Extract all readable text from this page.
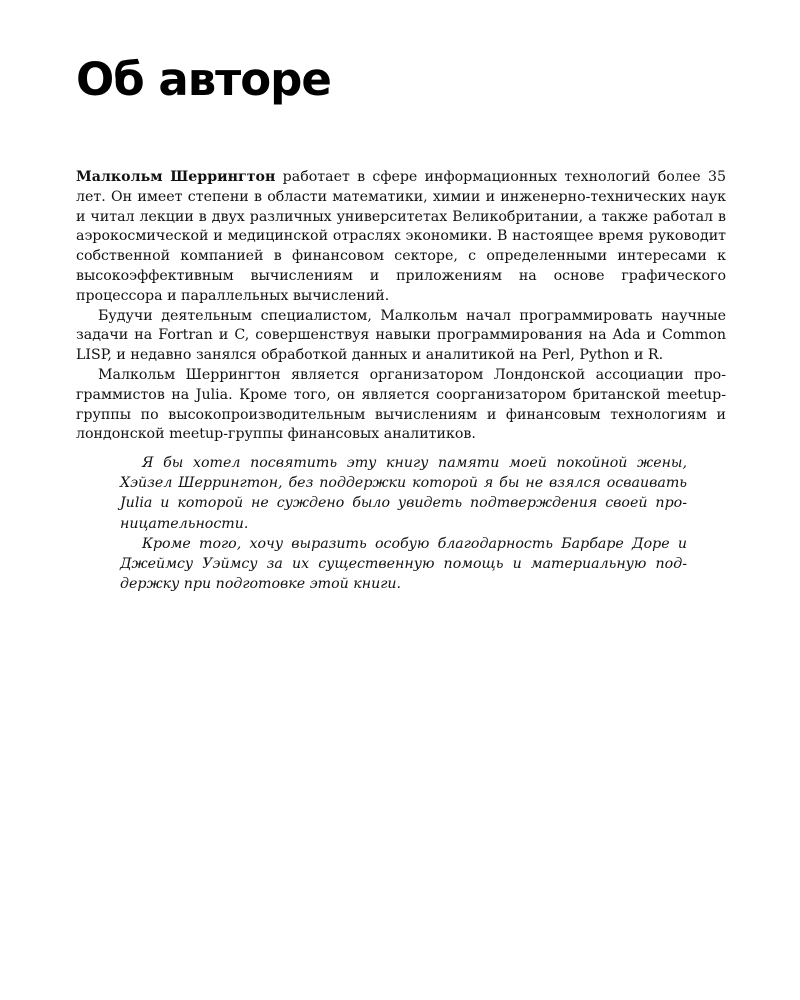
Об авторе

Малкольм Шеррингтон работает в сфере информационных технологий более 35 лет. Он имеет степени в области математики, химии и инженерно-технических наук и читал лекции в двух различных университетах Великобритании, а также работал в аэрокосмической и медицинской отраслях экономики. В настоящее время руководит собственной компанией в финансовом секторе, с определенными интересами к высокоэффективным вычислениям и приложениям на основе графического процессора и параллельных вычислений.

Будучи деятельным специалистом, Малкольм начал программировать научные задачи на Fortran и C, совершенствуя навыки программирования на Ada и Common LISP, и недавно занялся обработкой данных и аналитикой на Perl, Python и R.

Малкольм Шеррингтон является организатором Лондонской ассоциации программистов на Julia. Кроме того, он является соорганизатором британской meetup-группы по высокопроизводительным вычислениям и финансовым технологиям и лондонской meetup-группы финансовых аналитиков.

Я бы хотел посвятить эту книгу памяти моей покойной жены, Хэйзел Шеррингтон, без поддержки которой я бы не взялся осваивать Julia и которой не суждено было увидеть подтверждения своей проницательности.

Кроме того, хочу выразить особую благодарность Барбаре Доре и Джеймсу Уэймсу за их существенную помощь и материальную поддержку при подготовке этой книги.
